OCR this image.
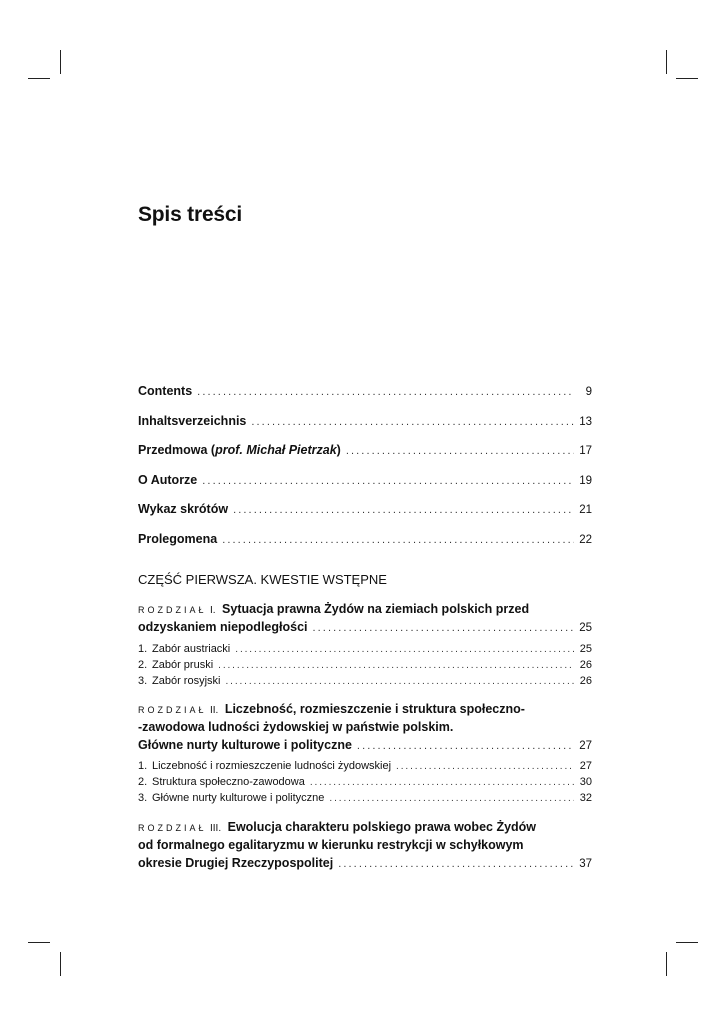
Spis treści
Contents .....	9
Inhaltsverzeichnis .....	13
Przedmowa (prof. Michał Pietrzak) .....	17
O Autorze .....	19
Wykaz skrótów .....	21
Prolegomena .....	22
CZĘŚĆ PIERWSZA. KWESTIE WSTĘPNE
ROZDZIAŁ I. Sytuacja prawna Żydów na ziemiach polskich przed
odzyskaniem niepodległości .....	25
1. Zabór austriacki .....	25
2. Zabór pruski .....	26
3. Zabór rosyjski .....	26
ROZDZIAŁ II. Liczebność, rozmieszczenie i struktura społeczno-
-zawodowa ludności żydowskiej w państwie polskim.
Główne nurty kulturowe i polityczne .....	27
1. Liczebność i rozmieszczenie ludności żydowskiej .....	27
2. Struktura społeczno-zawodowa .....	30
3. Główne nurty kulturowe i polityczne .....	32
ROZDZIAŁ III. Ewolucja charakteru polskiego prawa wobec Żydów
od formalnego egalitaryzmu w kierunku restrykcji w schyłkowym
okresie Drugiej Rzeczypospolitej .....	37
